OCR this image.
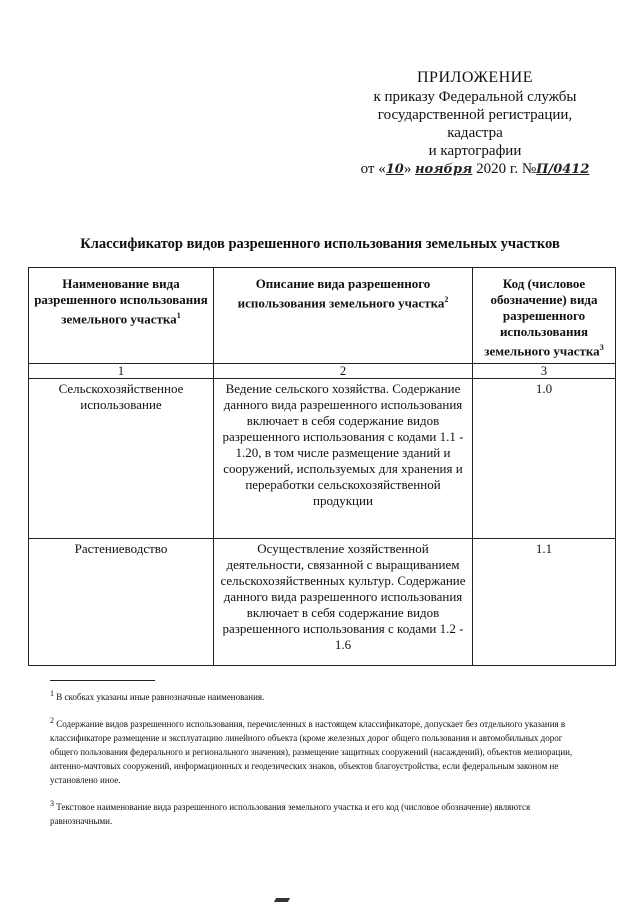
ПРИЛОЖЕНИЕ
к приказу Федеральной службы
государственной регистрации,
кадастра
и картографии
от «10» ноября 2020 г. №П/0412
Классификатор видов разрешенного использования земельных участков
Наименование вида разрешенного использования земельного участка$^1$	Описание вида разрешенного использования земельного участка$^2$	Код (числовое обозначение) вида разрешенного использования земельного участка$^3$
1	2	3
Сельскохозяйственное использование	Ведение сельского хозяйства. Содержание данного вида разрешенного использования включает в себя содержание видов разрешенного использования с кодами 1.1 - 1.20, в том числе размещение зданий и сооружений, используемых для хранения и переработки сельскохозяйственной продукции	1.0
Растениеводство	Осуществление хозяйственной деятельности, связанной с выращиванием сельскохозяйственных культур. Содержание данного вида разрешенного использования включает в себя содержание видов разрешенного использования с кодами 1.2 - 1.6	1.1

$^1$ В скобках указаны иные равнозначные наименования.

$^2$ Содержание видов разрешенного использования, перечисленных в настоящем классификаторе, допускает без отдельного указания в классификаторе размещение и эксплуатацию линейного объекта (кроме железных дорог общего пользования и автомобильных дорог общего пользования федерального и регионального значения), размещение защитных сооружений (насаждений), объектов мелиорации, антенно-мачтовых сооружений, информационных и геодезических знаков, объектов благоустройства, если федеральным законом не установлено иное.

$^3$ Текстовое наименование вида разрешенного использования земельного участка и его код (числовое обозначение) являются равнозначными.
